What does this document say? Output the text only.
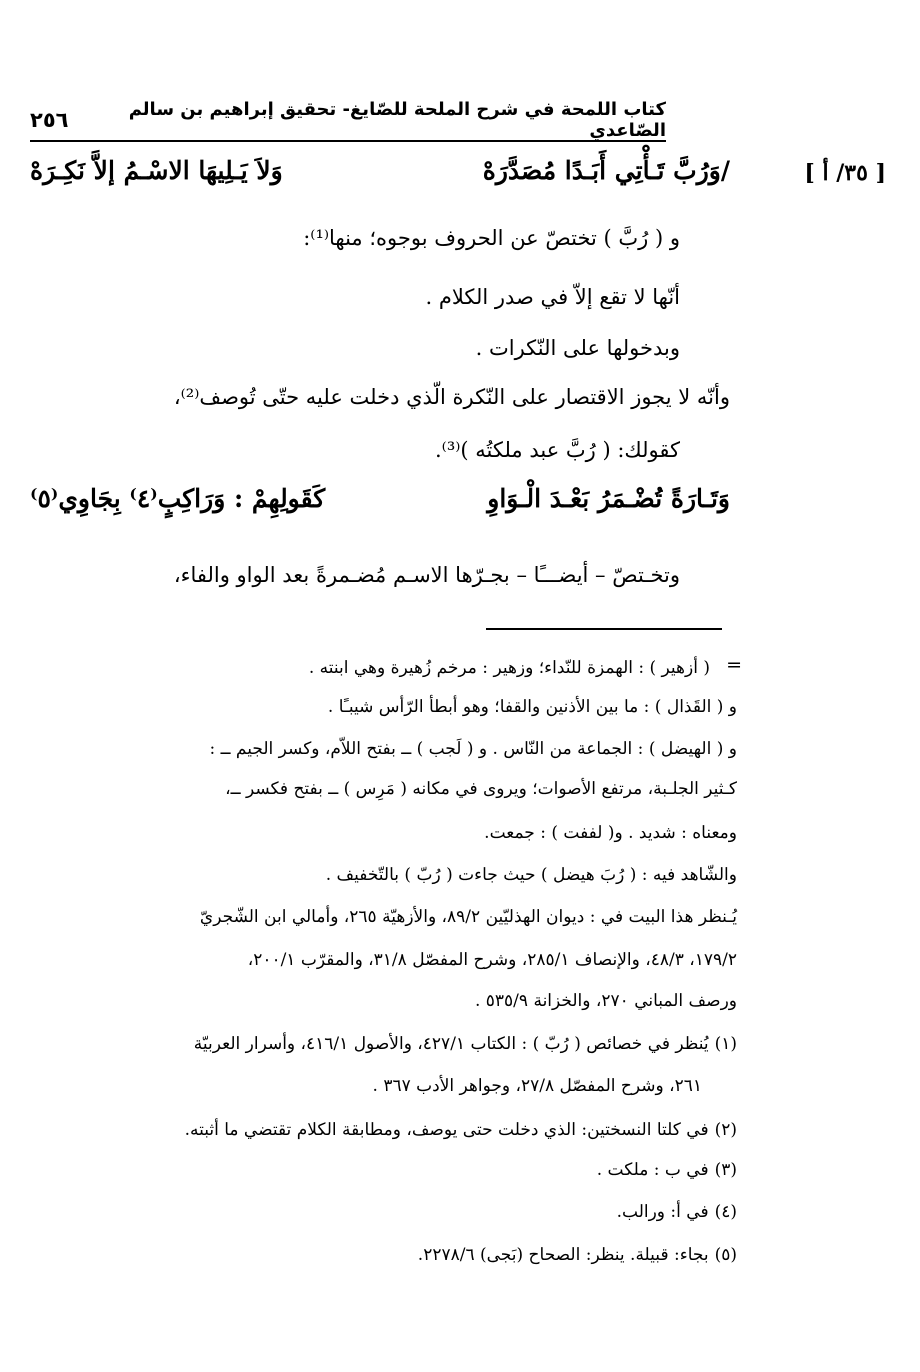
كتاب اللمحة في شرح الملحة للصّايغ- تحقيق إبراهيم بن سالم الصّاعدي
٢٥٦
[ ٣٥/ أ ]
/وَرُبَّ تَـأْتِي أَبَـدًا مُصَدَّرَهْ
وَلاَ يَـلِيهَا الاسْـمُ إلاَّ نَكِـرَهْ
و ( رُبَّ ) تختصّ عن الحروف بوجوه؛ منها⁽¹⁾:
أنّها لا تقع إلاّ في صدر الكلام .
وبدخولها على النّكرات .
وأنّه لا يجوز الاقتصار على النّكرة الّذي دخلت عليه حتّى تُوصف⁽²⁾،
كقولك: ( رُبَّ عبد ملكتُه )⁽³⁾.
وَتَـارَةً تُضْـمَرُ بَعْـدَ الْـوَاوِ
كَقَولِهِمْ : وَرَاكِبٍ⁽٤⁾ بِجَاوِي⁽٥⁾
وتخـتصّ – أيضـــًا – بجـرّها الاسـم مُضـمرةً بعد الواو والفاء،
=
( أزهير ) : الهمزة للنّداء؛ وزهير : مرخم زُهيرة وهي ابنته .
و ( القَذال ) : ما بين الأذنين والقفا؛ وهو أبطأ الرّأس شيبـًا .
و ( الهيضل ) : الجماعة من النّاس . و ( لَجب ) ــ بفتح اللاّم، وكسر الجيم ــ :
كـثير الجلـبة، مرتفع الأصوات؛ ويروى في مكانه ( مَرِس ) ــ بفتح فكسر ــ،
ومعناه : شديد . و( لففت ) : جمعت.
والشّاهد فيه : ( رُبَ هيضل ) حيث جاءت ( رُبّ ) بالتّخفيف .
يُـنظر هذا البيت في : ديوان الهذليّين ٨٩/٢، والأزهيّة ٢٦٥، وأمالي ابن الشّجريّ
١٧٩/٢، ٤٨/٣، والإنصاف ٢٨٥/١، وشرح المفصّل ٣١/٨، والمقرّب ٢٠٠/١،
ورصف المباني ٢٧٠، والخزانة ٥٣٥/٩ .
( ١ )يُنظر في خصائص ( رُبّ ) : الكتاب ٤٢٧/١، والأصول ٤١٦/١، وأسرار العربيّة
٢٦١، وشرح المفصّل ٢٧/٨، وجواهر الأدب ٣٦٧ .
( ٢ )في كلتا النسختين: الذي دخلت حتى يوصف، ومطابقة الكلام تقتضي ما أثبته.
( ٣ )في ب : ملكت .
( ٤ )في أ: ورالب.
( ٥ )بجاء: قبيلة. ينظر: الصحاح (بَجى) ٢٢٧٨/٦.
